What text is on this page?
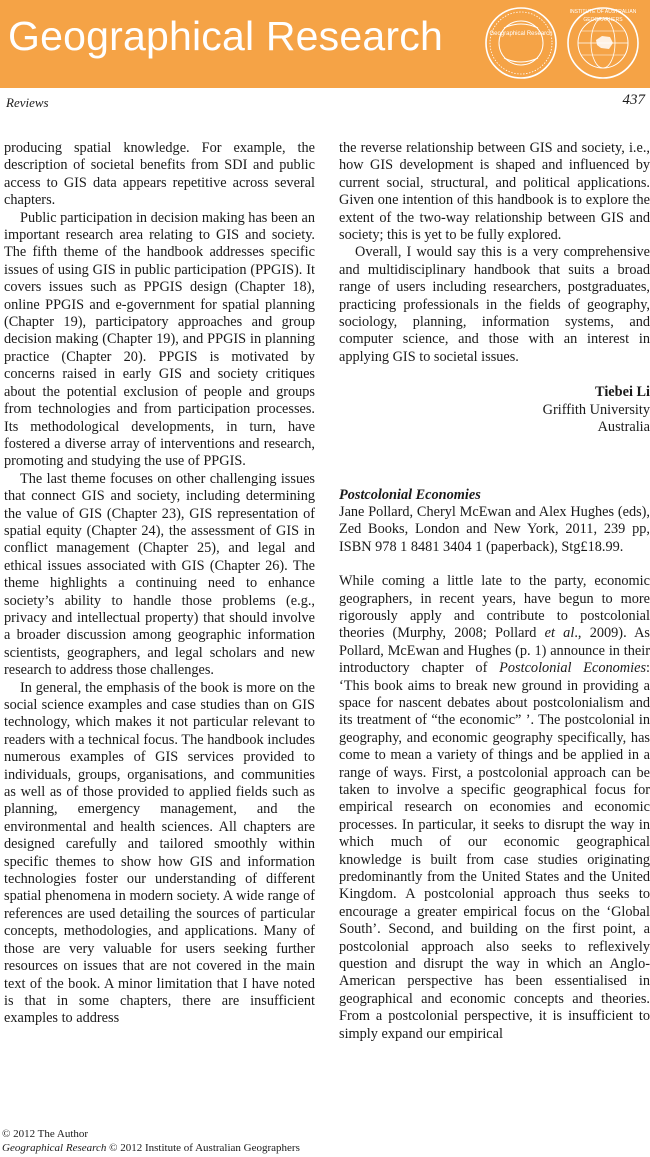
Geographical Research	Geographical Research
INSTITUTE OF AUSTRALIAN GEOGRAPHERS
Reviews	437

producing spatial knowledge. For example, the description of societal benefits from SDI and public access to GIS data appears repetitive across several chapters.

Public participation in decision making has been an important research area relating to GIS and society. The fifth theme of the handbook addresses specific issues of using GIS in public participation (PPGIS). It covers issues such as PPGIS design (Chapter 18), online PPGIS and e-government for spatial planning (Chapter 19), participatory approaches and group decision making (Chapter 19), and PPGIS in planning practice (Chapter 20). PPGIS is motivated by concerns raised in early GIS and society critiques about the potential exclusion of people and groups from technologies and from participation processes. Its methodological developments, in turn, have fostered a diverse array of interventions and research, promoting and studying the use of PPGIS.

The last theme focuses on other challenging issues that connect GIS and society, including determining the value of GIS (Chapter 23), GIS representation of spatial equity (Chapter 24), the assessment of GIS in conflict management (Chapter 25), and legal and ethical issues associated with GIS (Chapter 26). The theme highlights a continuing need to enhance society’s ability to handle those problems (e.g., privacy and intellectual property) that should involve a broader discussion among geographic information scientists, geographers, and legal scholars and new research to address those challenges.

In general, the emphasis of the book is more on the social science examples and case studies than on GIS technology, which makes it not particular relevant to readers with a technical focus. The handbook includes numerous examples of GIS services provided to individuals, groups, organisations, and communities as well as of those provided to applied fields such as planning, emergency management, and the environmental and health sciences. All chapters are designed carefully and tailored smoothly within specific themes to show how GIS and information technologies foster our understanding of different spatial phenomena in modern society. A wide range of references are used detailing the sources of particular concepts, methodologies, and applications. Many of those are very valuable for users seeking further resources on issues that are not covered in the main text of the book. A minor limitation that I have noted is that in some chapters, there are insufficient examples to address

the reverse relationship between GIS and society, i.e., how GIS development is shaped and influenced by current social, structural, and political applications. Given one intention of this handbook is to explore the extent of the two-way relationship between GIS and society; this is yet to be fully explored.

Overall, I would say this is a very comprehensive and multidisciplinary handbook that suits a broad range of users including researchers, postgraduates, practicing professionals in the fields of geography, sociology, planning, information systems, and computer science, and those with an interest in applying GIS to societal issues.

Tiebei Li
Griffith University
Australia
Postcolonial Economies

Jane Pollard, Cheryl McEwan and Alex Hughes (eds), Zed Books, London and New York, 2011, 239 pp, ISBN 978 1 8481 3404 1 (paperback), Stg£18.99.

While coming a little late to the party, economic geographers, in recent years, have begun to more rigorously apply and contribute to postcolonial theories (Murphy, 2008; Pollard et al., 2009). As Pollard, McEwan and Hughes (p. 1) announce in their introductory chapter of Postcolonial Economies: ‘This book aims to break new ground in providing a space for nascent debates about postcolonialism and its treatment of “the economic” ’. The postcolonial in geography, and economic geography specifically, has come to mean a variety of things and be applied in a range of ways. First, a postcolonial approach can be taken to involve a specific geographical focus for empirical research on economies and economic processes. In particular, it seeks to disrupt the way in which much of our economic geographical knowledge is built from case studies originating predominantly from the United States and the United Kingdom. A postcolonial approach thus seeks to encourage a greater empirical focus on the ‘Global South’. Second, and building on the first point, a postcolonial approach also seeks to reflexively question and disrupt the way in which an Anglo-American perspective has been essentialised in geographical and economic concepts and theories. From a postcolonial perspective, it is insufficient to simply expand our empirical

© 2012 The Author
Geographical Research © 2012 Institute of Australian Geographers
